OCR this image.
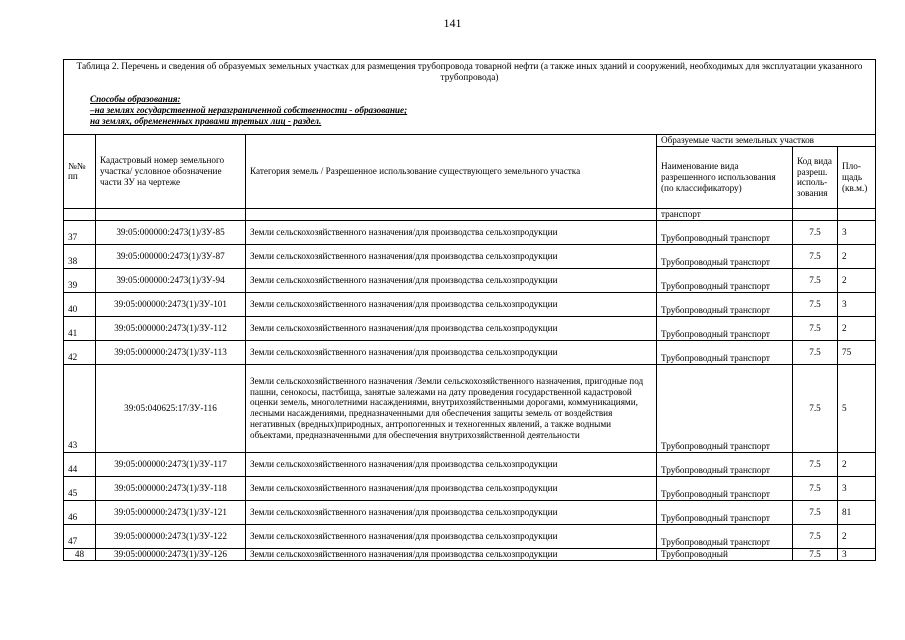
141
Таблица 2. Перечень и сведения об образуемых земельных участках для размещения трубопровода товарной нефти (а также иных зданий и сооружений, необходимых для эксплуатации указанного трубопровода)
Способы образования:
–на землях государственной неразграниченной собственности - образование;
на землях, обремененных правами третьих лиц - раздел.					

№№ пп	Кадастровый номер земельного участка/ условное обозначение части ЗУ на чертеже	Категория земель / Разрешенное использование существующего земельного участка	Образуемые части земельных участков		
			Наименование вида разрешенного использования (по классификатору)	Код вида разреш. исполь-зования	Пло-щадь (кв.м.)
			транспорт		
37	39:05:000000:2473(1)/ЗУ-85	Земли сельскохозяйственного назначения/для производства сельхозпродукции	Трубопроводный транспорт	7.5	3
38	39:05:000000:2473(1)/ЗУ-87	Земли сельскохозяйственного назначения/для производства сельхозпродукции	Трубопроводный транспорт	7.5	2
39	39:05:000000:2473(1)/ЗУ-94	Земли сельскохозяйственного назначения/для производства сельхозпродукции	Трубопроводный транспорт	7.5	2
40	39:05:000000:2473(1)/ЗУ-101	Земли сельскохозяйственного назначения/для производства сельхозпродукции	Трубопроводный транспорт	7.5	3
41	39:05:000000:2473(1)/ЗУ-112	Земли сельскохозяйственного назначения/для производства сельхозпродукции	Трубопроводный транспорт	7.5	2
42	39:05:000000:2473(1)/ЗУ-113	Земли сельскохозяйственного назначения/для производства сельхозпродукции	Трубопроводный транспорт	7.5	75
43	39:05:040625:17/ЗУ-116	Земли сельскохозяйственного назначения /Земли сельскохозяйственного назначения, пригодные под пашни, сенокосы, пастбища, занятые залежами на дату проведения государственной кадастровой оценки земель, многолетними насаждениями, внутрихозяйственными дорогами, коммуникациями, лесными насаждениями, предназначенными для обеспечения защиты земель от воздействия негативных (вредных)природных, антропогенных и техногенных явлений, а также водными объектами, предназначенными для обеспечения внутрихозяйственной деятельности	Трубопроводный транспорт	7.5	5
44	39:05:000000:2473(1)/ЗУ-117	Земли сельскохозяйственного назначения/для производства сельхозпродукции	Трубопроводный транспорт	7.5	2
45	39:05:000000:2473(1)/ЗУ-118	Земли сельскохозяйственного назначения/для производства сельхозпродукции	Трубопроводный транспорт	7.5	3
46	39:05:000000:2473(1)/ЗУ-121	Земли сельскохозяйственного назначения/для производства сельхозпродукции	Трубопроводный транспорт	7.5	81
47	39:05:000000:2473(1)/ЗУ-122	Земли сельскохозяйственного назначения/для производства сельхозпродукции	Трубопроводный транспорт	7.5	2
48	39:05:000000:2473(1)/ЗУ-126	Земли сельскохозяйственного назначения/для производства сельхозпродукции	Трубопроводный	7.5	3
